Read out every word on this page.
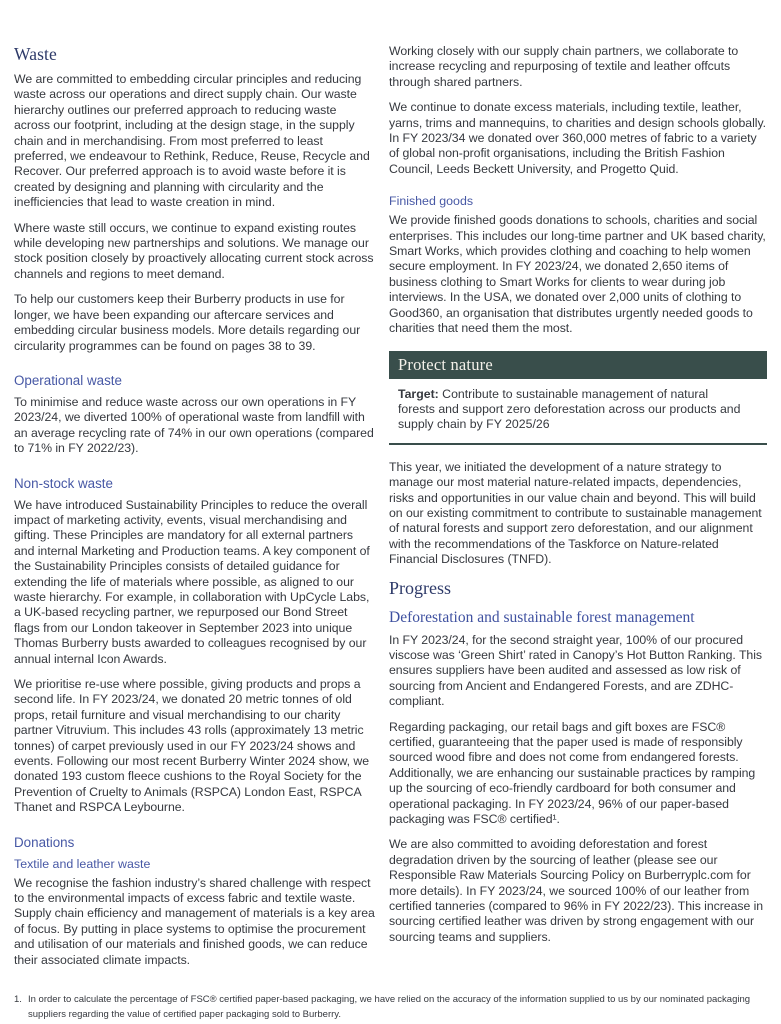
Waste

We are committed to embedding circular principles and reducing waste across our operations and direct supply chain. Our waste hierarchy outlines our preferred approach to reducing waste across our footprint, including at the design stage, in the supply chain and in merchandising. From most preferred to least preferred, we endeavour to Rethink, Reduce, Reuse, Recycle and Recover. Our preferred approach is to avoid waste before it is created by designing and planning with circularity and the inefficiencies that lead to waste creation in mind.

Where waste still occurs, we continue to expand existing routes while developing new partnerships and solutions. We manage our stock position closely by proactively allocating current stock across channels and regions to meet demand.

To help our customers keep their Burberry products in use for longer, we have been expanding our aftercare services and embedding circular business models. More details regarding our circularity programmes can be found on pages 38 to 39.

Operational waste

To minimise and reduce waste across our own operations in FY 2023/24, we diverted 100% of operational waste from landfill with an average recycling rate of 74% in our own operations (compared to 71% in FY 2022/23).

Non-stock waste

We have introduced Sustainability Principles to reduce the overall impact of marketing activity, events, visual merchandising and gifting. These Principles are mandatory for all external partners and internal Marketing and Production teams. A key component of the Sustainability Principles consists of detailed guidance for extending the life of materials where possible, as aligned to our waste hierarchy. For example, in collaboration with UpCycle Labs, a UK-based recycling partner, we repurposed our Bond Street flags from our London takeover in September 2023 into unique Thomas Burberry busts awarded to colleagues recognised by our annual internal Icon Awards.

We prioritise re-use where possible, giving products and props a second life. In FY 2023/24, we donated 20 metric tonnes of old props, retail furniture and visual merchandising to our charity partner Vitruvium. This includes 43 rolls (approximately 13 metric tonnes) of carpet previously used in our FY 2023/24 shows and events. Following our most recent Burberry Winter 2024 show, we donated 193 custom fleece cushions to the Royal Society for the Prevention of Cruelty to Animals (RSPCA) London East, RSPCA Thanet and RSPCA Leybourne.

Donations
Textile and leather waste

We recognise the fashion industry’s shared challenge with respect to the environmental impacts of excess fabric and textile waste. Supply chain efficiency and management of materials is a key area of focus. By putting in place systems to optimise the procurement and utilisation of our materials and finished goods, we can reduce their associated climate impacts.

Working closely with our supply chain partners, we collaborate to increase recycling and repurposing of textile and leather offcuts through shared partners.

We continue to donate excess materials, including textile, leather, yarns, trims and mannequins, to charities and design schools globally. In FY 2023/34 we donated over 360,000 metres of fabric to a variety of global non-profit organisations, including the British Fashion Council, Leeds Beckett University, and Progetto Quid.

Finished goods

We provide finished goods donations to schools, charities and social enterprises. This includes our long-time partner and UK based charity, Smart Works, which provides clothing and coaching to help women secure employment. In FY 2023/24, we donated 2,650 items of business clothing to Smart Works for clients to wear during job interviews. In the USA, we donated over 2,000 units of clothing to Good360, an organisation that distributes urgently needed goods to charities that need them the most.

Protect nature
Target: Contribute to sustainable management of natural forests and support zero deforestation across our products and supply chain by FY 2025/26

This year, we initiated the development of a nature strategy to manage our most material nature-related impacts, dependencies, risks and opportunities in our value chain and beyond. This will build on our existing commitment to contribute to sustainable management of natural forests and support zero deforestation, and our alignment with the recommendations of the Taskforce on Nature-related Financial Disclosures (TNFD).

Progress
Deforestation and sustainable forest management

In FY 2023/24, for the second straight year, 100% of our procured viscose was ‘Green Shirt’ rated in Canopy’s Hot Button Ranking. This ensures suppliers have been audited and assessed as low risk of sourcing from Ancient and Endangered Forests, and are ZDHC-compliant.

Regarding packaging, our retail bags and gift boxes are FSC® certified, guaranteeing that the paper used is made of responsibly sourced wood fibre and does not come from endangered forests. Additionally, we are enhancing our sustainable practices by ramping up the sourcing of eco-friendly cardboard for both consumer and operational packaging. In FY 2023/24, 96% of our paper-based packaging was FSC® certified¹.

We are also committed to avoiding deforestation and forest degradation driven by the sourcing of leather (please see our Responsible Raw Materials Sourcing Policy on Burberryplc.com for more details). In FY 2023/24, we sourced 100% of our leather from certified tanneries (compared to 96% in FY 2022/23). This increase in sourcing certified leather was driven by strong engagement with our sourcing teams and suppliers.

1. In order to calculate the percentage of FSC® certified paper-based packaging, we have relied on the accuracy of the information supplied to us by our nominated packaging suppliers regarding the value of certified paper packaging sold to Burberry.
